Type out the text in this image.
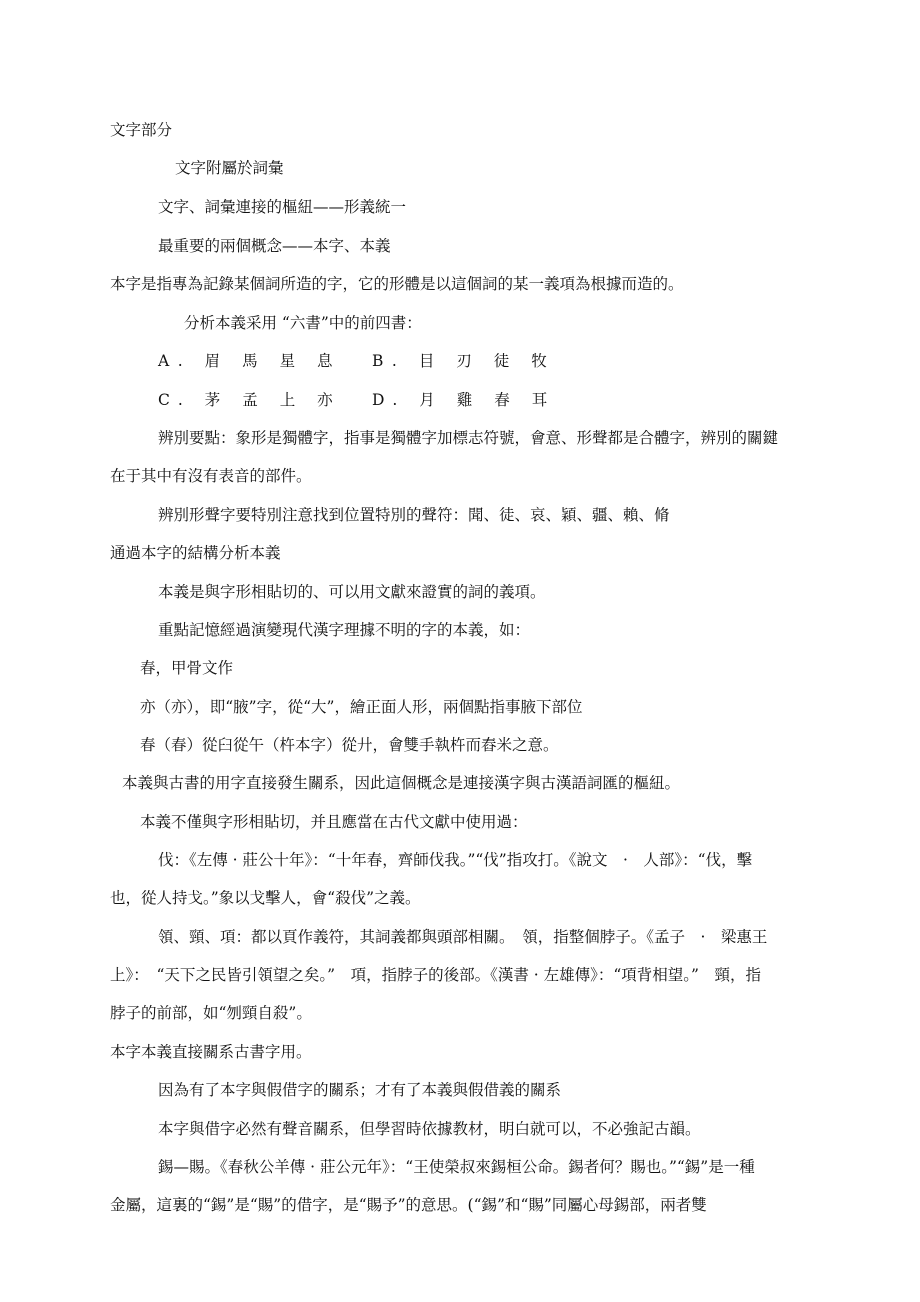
文字部分
文字附屬於詞彙
文字、詞彙連接的樞紐——形義統一
最重要的兩個概念——本字、本義
本字是指專為記錄某個詞所造的字，它的形體是以這個詞的某一義項為根據而造的。
分析本義采用 “六書”中的前四書：
A. 眉 馬 星 息 B. 目 刃 徒 牧
C. 茅 孟 上 亦 D. 月 雞 春 耳
辨別要點：象形是獨體字，指事是獨體字加標志符號，會意、形聲都是合體字，辨別的關鍵
在于其中有沒有表音的部件。
辨別形聲字要特別注意找到位置特別的聲符：聞、徒、哀、穎、疆、賴、脩
通過本字的結構分析本義
本義是與字形相貼切的、可以用文獻來證實的詞的義項。
重點記憶經過演變現代漢字理據不明的字的本義，如：
春，甲骨文作
亦（亦），即“腋”字，從“大”，繪正面人形，兩個點指事腋下部位
春（春）從臼從午（杵本字）從廾，會雙手執杵而舂米之意。
本義與古書的用字直接發生關系，因此這個概念是連接漢字與古漢語詞匯的樞紐。
本義不僅與字形相貼切，并且應當在古代文獻中使用過：
伐：《左傳 · 莊公十年》：“十年春，齊師伐我。”“伐”指攻打。《說文　·　人部》：“伐，擊
也，從人持戈。”象以戈擊人，會“殺伐”之義。
領、頸、項：都以頁作義符，其詞義都與頭部相關。　領，指整個脖子。《孟子　·　梁惠王
上》：　“天下之民皆引領望之矣。”　項，指脖子的後部。《漢書 · 左雄傳》：“項背相望。”　頸，指
脖子的前部，如“刎頸自殺”。
本字本義直接關系古書字用。
因為有了本字與假借字的關系；才有了本義與假借義的關系
本字與借字必然有聲音關系，但學習時依據教材，明白就可以，不必強記古韻。
錫—賜。《春秋公羊傳 · 莊公元年》：“王使榮叔來錫桓公命。錫者何？賜也。”“錫”是一種
金屬，這裏的“錫”是“賜”的借字，是“賜予”的意思。(“錫”和“賜”同屬心母錫部，兩者雙
